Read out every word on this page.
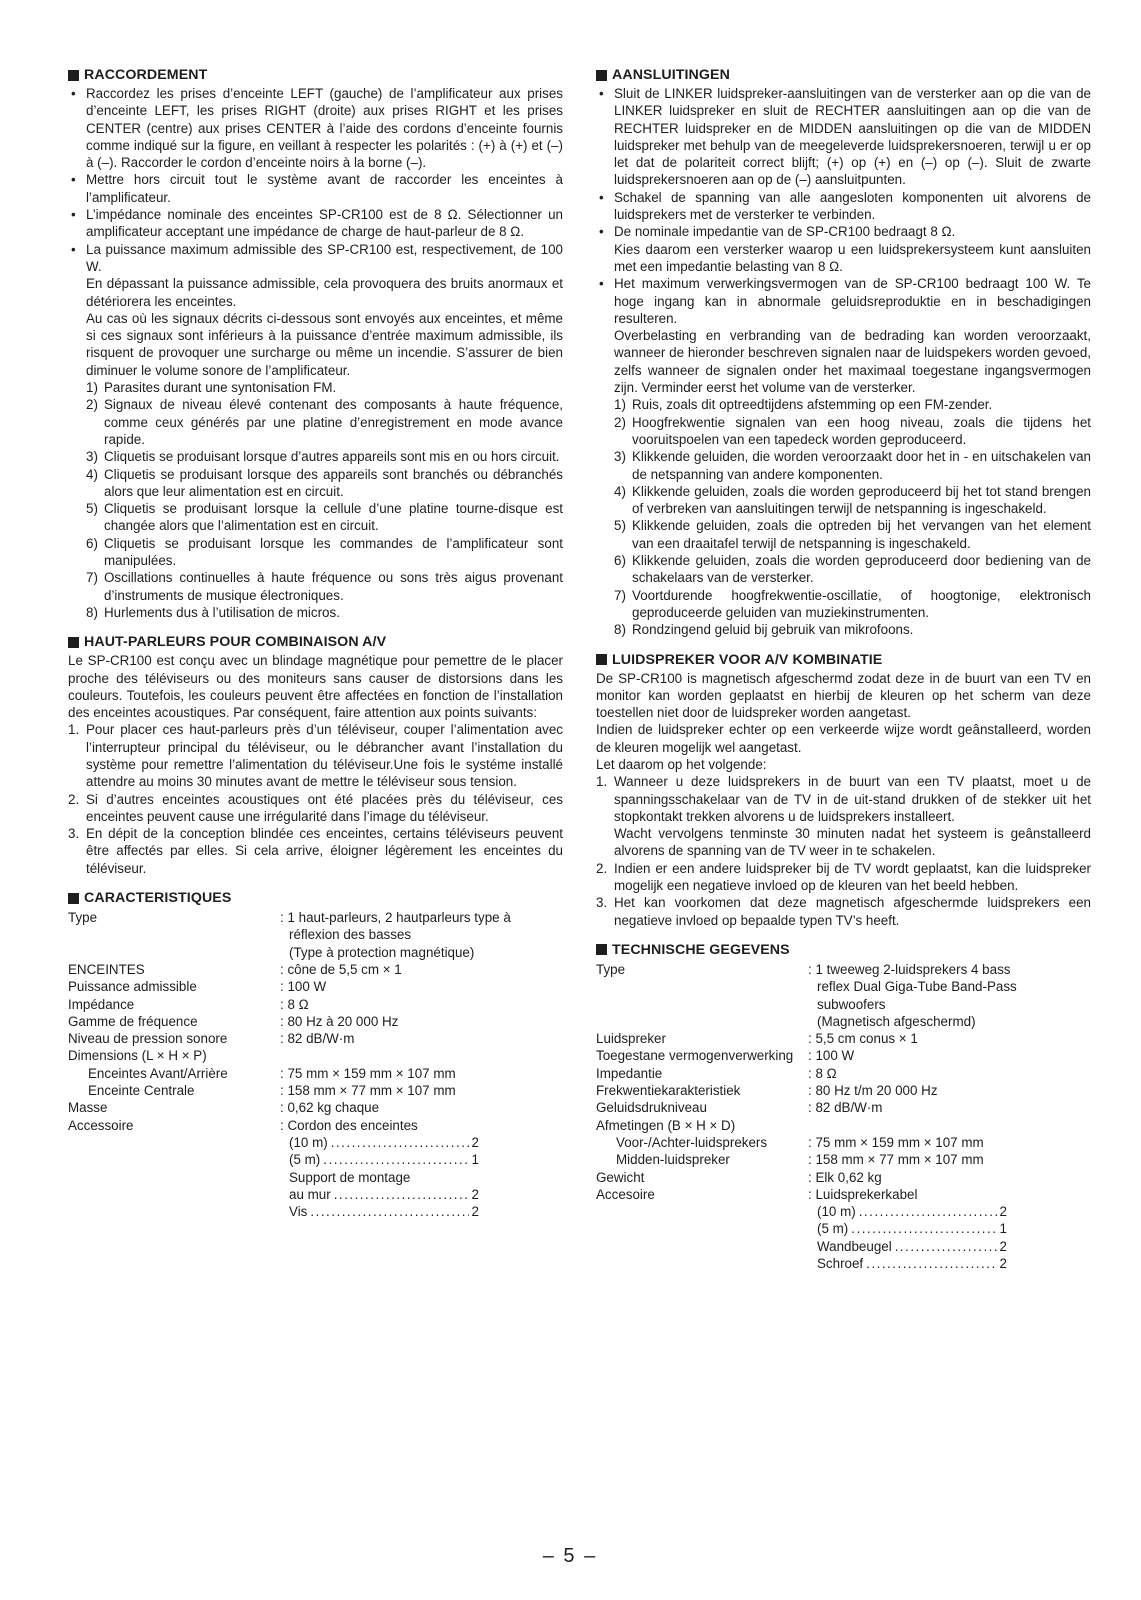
RACCORDEMENT
• Raccordez les prises d’enceinte LEFT (gauche) de l’amplificateur aux prises d’enceinte LEFT, les prises RIGHT (droite) aux prises RIGHT et les prises CENTER (centre) aux prises CENTER à l’aide des cordons d’enceinte fournis comme indiqué sur la figure, en veillant à respecter les polarités : (+) à (+) et (–) à (–). Raccorder le cordon d’enceinte noirs à la borne (–).
• Mettre hors circuit tout le système avant de raccorder les enceintes à l’amplificateur.
• L’impédance nominale des enceintes SP-CR100 est de 8 Ω. Sélectionner un amplificateur acceptant une impédance de charge de haut-parleur de 8 Ω.
• La puissance maximum admissible des SP-CR100 est, respectivement, de 100 W.
En dépassant la puissance admissible, cela provoquera des bruits anormaux et détériorera les enceintes.
Au cas où les signaux décrits ci-dessous sont envoyés aux enceintes, et même si ces signaux sont inférieurs à la puissance d’entrée maximum admissible, ils risquent de provoquer une surcharge ou même un incendie. S’assurer de bien diminuer le volume sonore de l’amplificateur.
1) Parasites durant une syntonisation FM.
2) Signaux de niveau élevé contenant des composants à haute fréquence, comme ceux générés par une platine d’enregistrement en mode avance rapide.
3) Cliquetis se produisant lorsque d’autres appareils sont mis en ou hors circuit.
4) Cliquetis se produisant lorsque des appareils sont branchés ou débranchés alors que leur alimentation est en circuit.
5) Cliquetis se produisant lorsque la cellule d’une platine tourne-disque est changée alors que l’alimentation est en circuit.
6) Cliquetis se produisant lorsque les commandes de l’amplificateur sont manipulées.
7) Oscillations continuelles à haute fréquence ou sons très aigus provenant d’instruments de musique électroniques.
8) Hurlements dus à l’utilisation de micros.
HAUT-PARLEURS POUR COMBINAISON A/V
Le SP-CR100 est conçu avec un blindage magnétique pour pemettre de le placer proche des téléviseurs ou des moniteurs sans causer de distorsions dans les couleurs. Toutefois, les couleurs peuvent être affectées en fonction de l’installation des enceintes acoustiques. Par conséquent, faire attention aux points suivants:
1. Pour placer ces haut-parleurs près d’un téléviseur, couper l’alimentation avec l’interrupteur principal du téléviseur, ou le débrancher avant l’installation du système pour remettre l’alimentation du téléviseur.Une fois le systéme installé attendre au moins 30 minutes avant de mettre le téléviseur sous tension.
2. Si d’autres enceintes acoustiques ont été placées près du téléviseur, ces enceintes peuvent cause une irrégularité dans l’image du téléviseur.
3. En dépit de la conception blindée ces enceintes, certains téléviseurs peuvent être affectés par elles. Si cela arrive, éloigner légèrement les enceintes du téléviseur.
CARACTERISTIQUES
Type	: 1 haut-parleurs, 2 hautparleurs type à
réflexion des basses
(Type à protection magnétique)
ENCEINTES	: cône de 5,5 cm × 1
Puissance admissible	: 100 W
Impédance	: 8 Ω
Gamme de fréquence	: 80 Hz à 20 000 Hz
Niveau de pression sonore	: 82 dB/W·m
Dimensions (L × H × P)
Enceintes Avant/Arrière	: 75 mm × 159 mm × 107 mm
Enceinte Centrale	: 158 mm × 77 mm × 107 mm
Masse	: 0,62 kg chaque
Accessoire	: Cordon des enceintes
(10 m) .....	2
(5 m) .....	1
Support de montage
au mur .....	2
Vis .....	2
AANSLUITINGEN
• Sluit de LINKER luidspreker-aansluitingen van de versterker aan op die van de LINKER luidspreker en sluit de RECHTER aansluitingen aan op die van de RECHTER luidspreker en de MIDDEN aansluitingen op die van de MIDDEN luidspreker met behulp van de meegeleverde luidsprekersnoeren, terwijl u er op let dat de polariteit correct blijft; (+) op (+) en (–) op (–). Sluit de zwarte luidsprekersnoeren aan op de (–) aansluitpunten.
• Schakel de spanning van alle aangesloten komponenten uit alvorens de luidsprekers met de versterker te verbinden.
• De nominale impedantie van de SP-CR100 bedraagt 8 Ω.
Kies daarom een versterker waarop u een luidsprekersysteem kunt aansluiten met een impedantie belasting van 8 Ω.
• Het maximum verwerkingsvermogen van de SP-CR100 bedraagt 100 W. Te hoge ingang kan in abnormale geluidsreproduktie en in beschadigingen resulteren.
Overbelasting en verbranding van de bedrading kan worden veroorzaakt, wanneer de hieronder beschreven signalen naar de luidspekers worden gevoed, zelfs wanneer de signalen onder het maximaal toegestane ingangsvermogen zijn. Verminder eerst het volume van de versterker.
1) Ruis, zoals dit optreedtijdens afstemming op een FM-zender.
2) Hoogfrekwentie signalen van een hoog niveau, zoals die tijdens het vooruitspoelen van een tapedeck worden geproduceerd.
3) Klikkende geluiden, die worden veroorzaakt door het in - en uitschakelen van de netspanning van andere komponenten.
4) Klikkende geluiden, zoals die worden geproduceerd bij het tot stand brengen of verbreken van aansluitingen terwijl de netspanning is ingeschakeld.
5) Klikkende geluiden, zoals die optreden bij het vervangen van het element van een draaitafel terwijl de netspanning is ingeschakeld.
6) Klikkende geluiden, zoals die worden geproduceerd door bediening van de schakelaars van de versterker.
7) Voortdurende hoogfrekwentie-oscillatie, of hoogtonige, elektronisch geproduceerde geluiden van muziekinstrumenten.
8) Rondzingend geluid bij gebruik van mikrofoons.
LUIDSPREKER VOOR A/V KOMBINATIE
De SP-CR100 is magnetisch afgeschermd zodat deze in de buurt van een TV en monitor kan worden geplaatst en hierbij de kleuren op het scherm van deze toestellen niet door de luidspreker worden aangetast.
Indien de luidspreker echter op een verkeerde wijze wordt geânstalleerd, worden de kleuren mogelijk wel aangetast.
Let daarom op het volgende:
1. Wanneer u deze luidsprekers in de buurt van een TV plaatst, moet u de spanningsschakelaar van de TV in de uit-stand drukken of de stekker uit het stopkontakt trekken alvorens u de luidsprekers installeert.
Wacht vervolgens tenminste 30 minuten nadat het systeem is geânstalleerd alvorens de spanning van de TV weer in te schakelen.
2. Indien er een andere luidspreker bij de TV wordt geplaatst, kan die luidspreker mogelijk een negatieve invloed op de kleuren van het beeld hebben.
3. Het kan voorkomen dat deze magnetisch afgeschermde luidsprekers een negatieve invloed op bepaalde typen TV’s heeft.
TECHNISCHE GEGEVENS
Type	: 1 tweeweg 2-luidsprekers 4 bass
reflex Dual Giga-Tube Band-Pass
subwoofers
(Magnetisch afgeschermd)
Luidspreker	: 5,5 cm conus × 1
Toegestane vermogenverwerking	: 100 W
Impedantie	: 8 Ω
Frekwentiekarakteristiek	: 80 Hz t/m 20 000 Hz
Geluidsdrukniveau	: 82 dB/W·m
Afmetingen (B × H × D)
Voor-/Achter-luidsprekers	: 75 mm × 159 mm × 107 mm
Midden-luidspreker	: 158 mm × 77 mm × 107 mm
Gewicht	: Elk 0,62 kg
Accesoire	: Luidsprekerkabel
(10 m) .....	2
(5 m) .....	1
Wandbeugel .....	2
Schroef .....	2
– 5 –
